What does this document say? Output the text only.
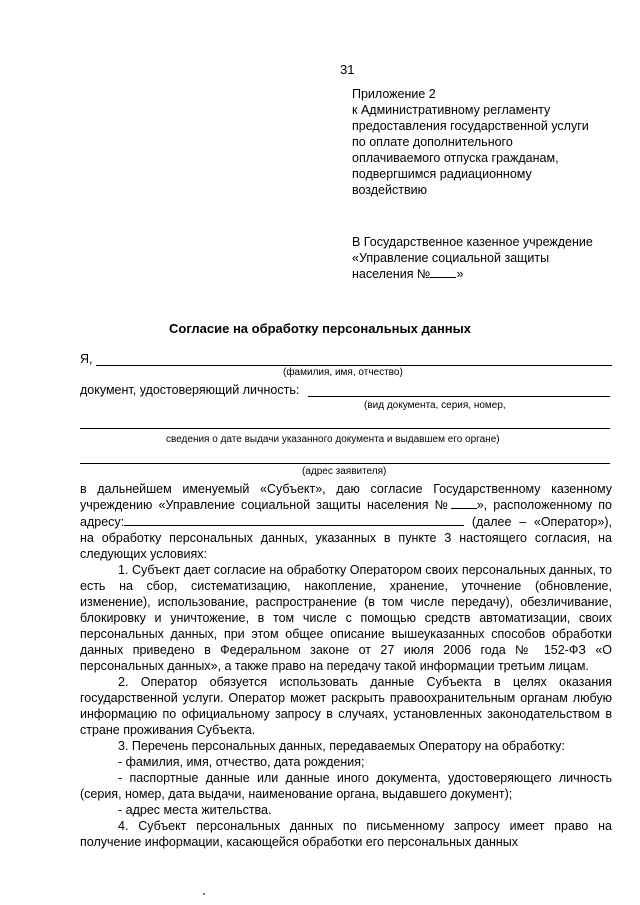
31
Приложение 2
к Административному регламенту
предоставления государственной услуги
по оплате дополнительного
оплачиваемого отпуска гражданам,
подвергшимся радиационному
воздействию
В Государственное казенное учреждение
«Управление социальной защиты
населения № »
Согласие на обработку персональных данных
Я,
(фамилия, имя, отчество)
документ, удостоверяющий личность:
(вид документа, серия, номер,
сведения о дате выдачи указанного документа и выдавшем его органе)
(адрес заявителя)

в дальнейшем именуемый «Субъект», даю согласие Государственному казенному учреждению «Управление социальной защиты населения № », расположенному по адресу:	(далее – «Оператор»), на обработку персональных данных, указанных в пункте 3 настоящего согласия, на следующих условиях:

1. Субъект дает согласие на обработку Оператором своих персональных данных, то есть на сбор, систематизацию, накопление, хранение, уточнение (обновление, изменение), использование, распространение (в том числе передачу), обезличивание, блокировку и уничтожение, в том числе с помощью средств автоматизации, своих персональных данных, при этом общее описание вышеуказанных способов обработки данных приведено в Федеральном законе от 27 июля 2006 года № 152-ФЗ «О персональных данных», а также право на передачу такой информации третьим лицам.

2. Оператор обязуется использовать данные Субъекта в целях оказания государственной услуги. Оператор может раскрыть правоохранительным органам любую информацию по официальному запросу в случаях, установленных законодательством в стране проживания Субъекта.

3. Перечень персональных данных, передаваемых Оператору на обработку:

- фамилия, имя, отчество, дата рождения;

- паспортные данные или данные иного документа, удостоверяющего личность (серия, номер, дата выдачи, наименование органа, выдавшего документ);

- адрес места жительства.

4. Субъект персональных данных по письменному запросу имеет право на получение информации, касающейся обработки его персональных данных
